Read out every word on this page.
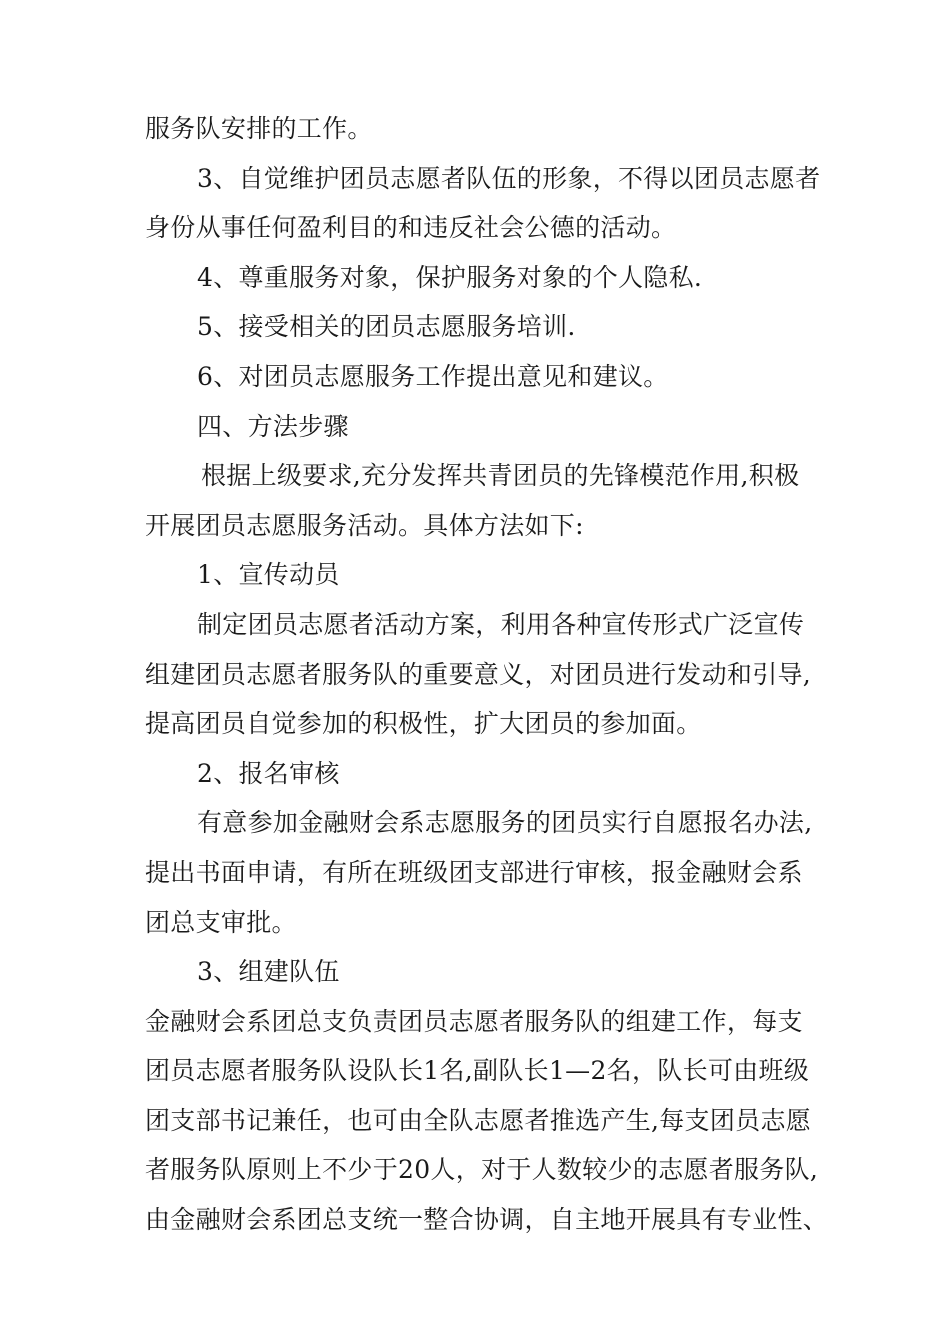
服务队安排的工作。
3、自觉维护团员志愿者队伍的形象，不得以团员志愿者
身份从事任何盈利目的和违反社会公德的活动。
4、尊重服务对象，保护服务对象的个人隐私.
5、接受相关的团员志愿服务培训.
6、对团员志愿服务工作提出意见和建议。
四、方法步骤
根据上级要求,充分发挥共青团员的先锋模范作用,积极
开展团员志愿服务活动。具体方法如下:
1、宣传动员
制定团员志愿者活动方案，利用各种宣传形式广泛宣传
组建团员志愿者服务队的重要意义，对团员进行发动和引导,
提高团员自觉参加的积极性，扩大团员的参加面。
2、报名审核
有意参加金融财会系志愿服务的团员实行自愿报名办法,
提出书面申请，有所在班级团支部进行审核，报金融财会系
团总支审批。
3、组建队伍
金融财会系团总支负责团员志愿者服务队的组建工作，每支
团员志愿者服务队设队长1名,副队长1—2名，队长可由班级
团支部书记兼任，也可由全队志愿者推选产生,每支团员志愿
者服务队原则上不少于20人，对于人数较少的志愿者服务队,
由金融财会系团总支统一整合协调，自主地开展具有专业性、
